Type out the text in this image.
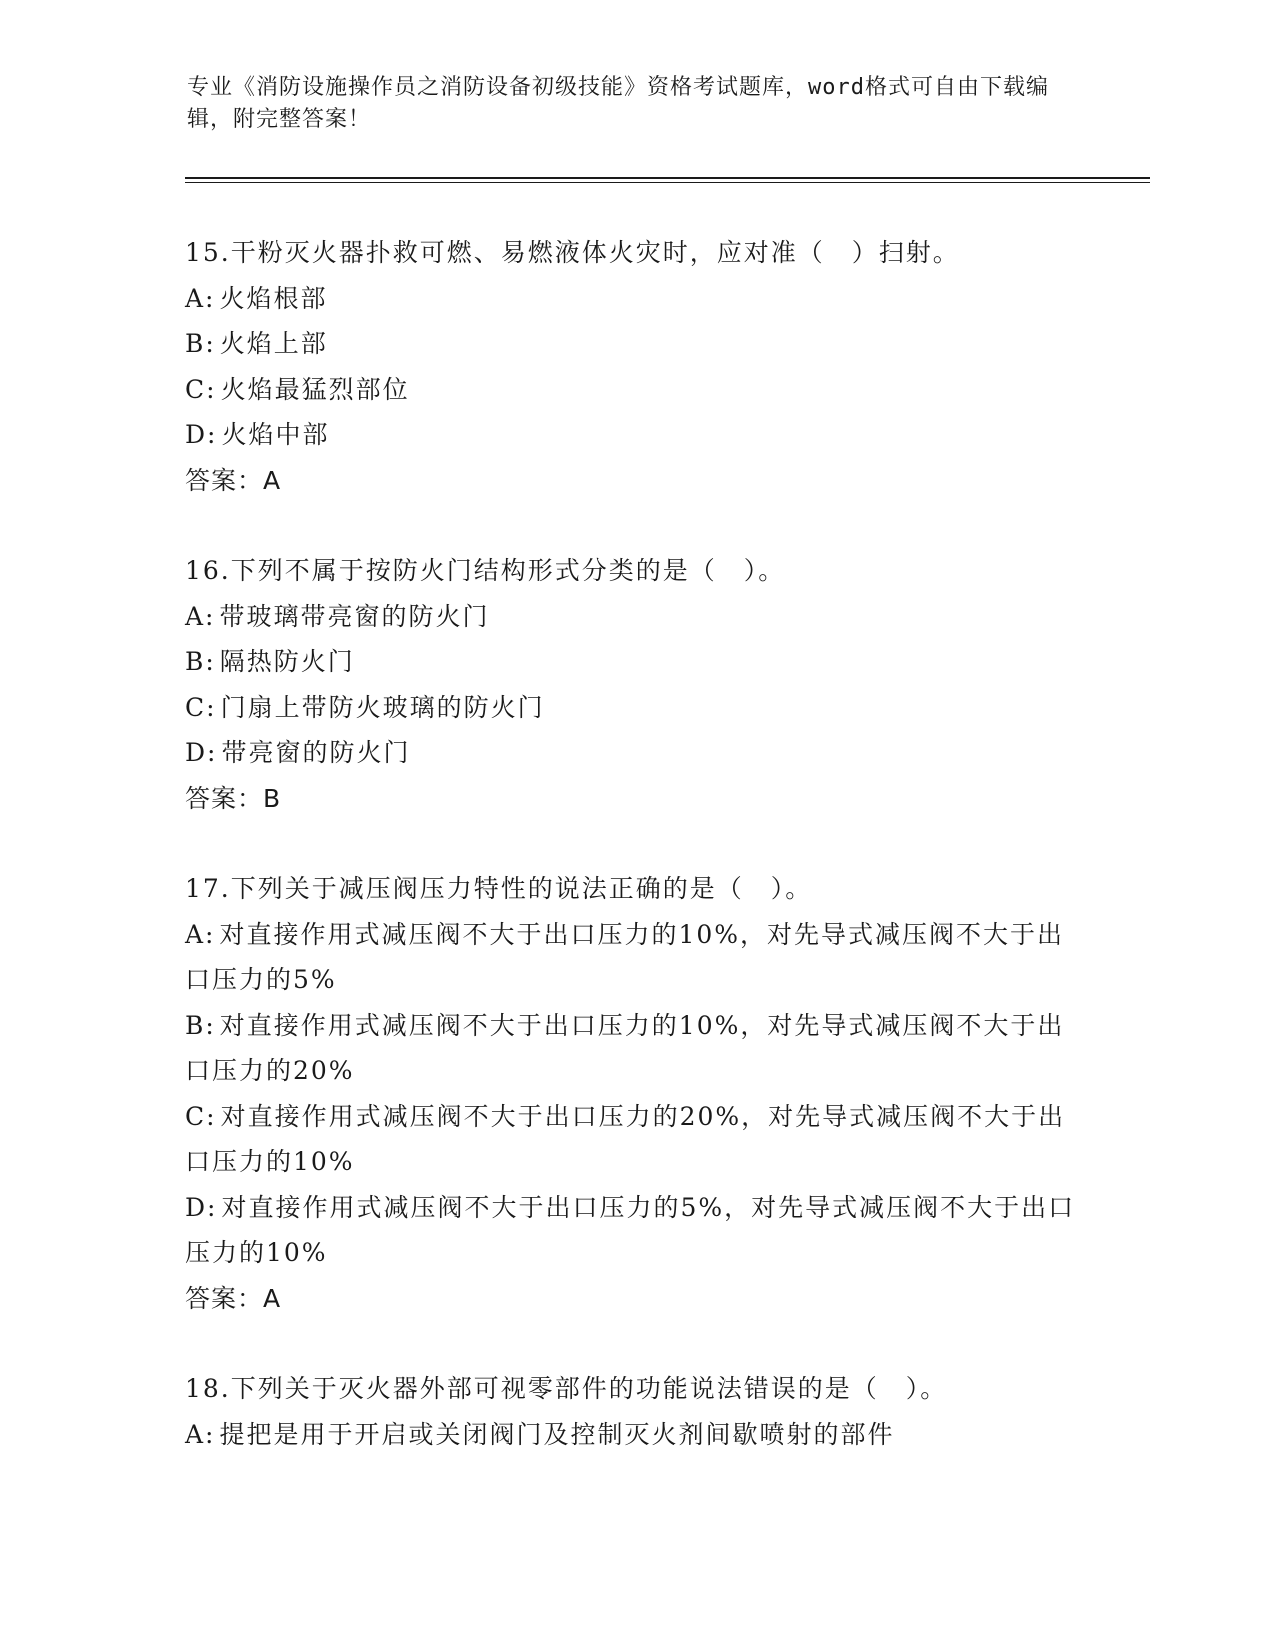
专业《消防设施操作员之消防设备初级技能》资格考试题库，word格式可自由下载编辑，附完整答案！
15.干粉灭火器扑救可燃、易燃液体火灾时，应对准（　）扫射。
A: 火焰根部
B: 火焰上部
C: 火焰最猛烈部位
D: 火焰中部
答案：A
16.下列不属于按防火门结构形式分类的是（　）。
A: 带玻璃带亮窗的防火门
B: 隔热防火门
C: 门扇上带防火玻璃的防火门
D: 带亮窗的防火门
答案：B
17.下列关于减压阀压力特性的说法正确的是（　）。
A: 对直接作用式减压阀不大于出口压力的10%，对先导式减压阀不大于出口压力的5%
B: 对直接作用式减压阀不大于出口压力的10%，对先导式减压阀不大于出口压力的20%
C: 对直接作用式减压阀不大于出口压力的20%，对先导式减压阀不大于出口压力的10%
D: 对直接作用式减压阀不大于出口压力的5%，对先导式减压阀不大于出口压力的10%
答案：A
18.下列关于灭火器外部可视零部件的功能说法错误的是（　）。
A: 提把是用于开启或关闭阀门及控制灭火剂间歇喷射的部件
